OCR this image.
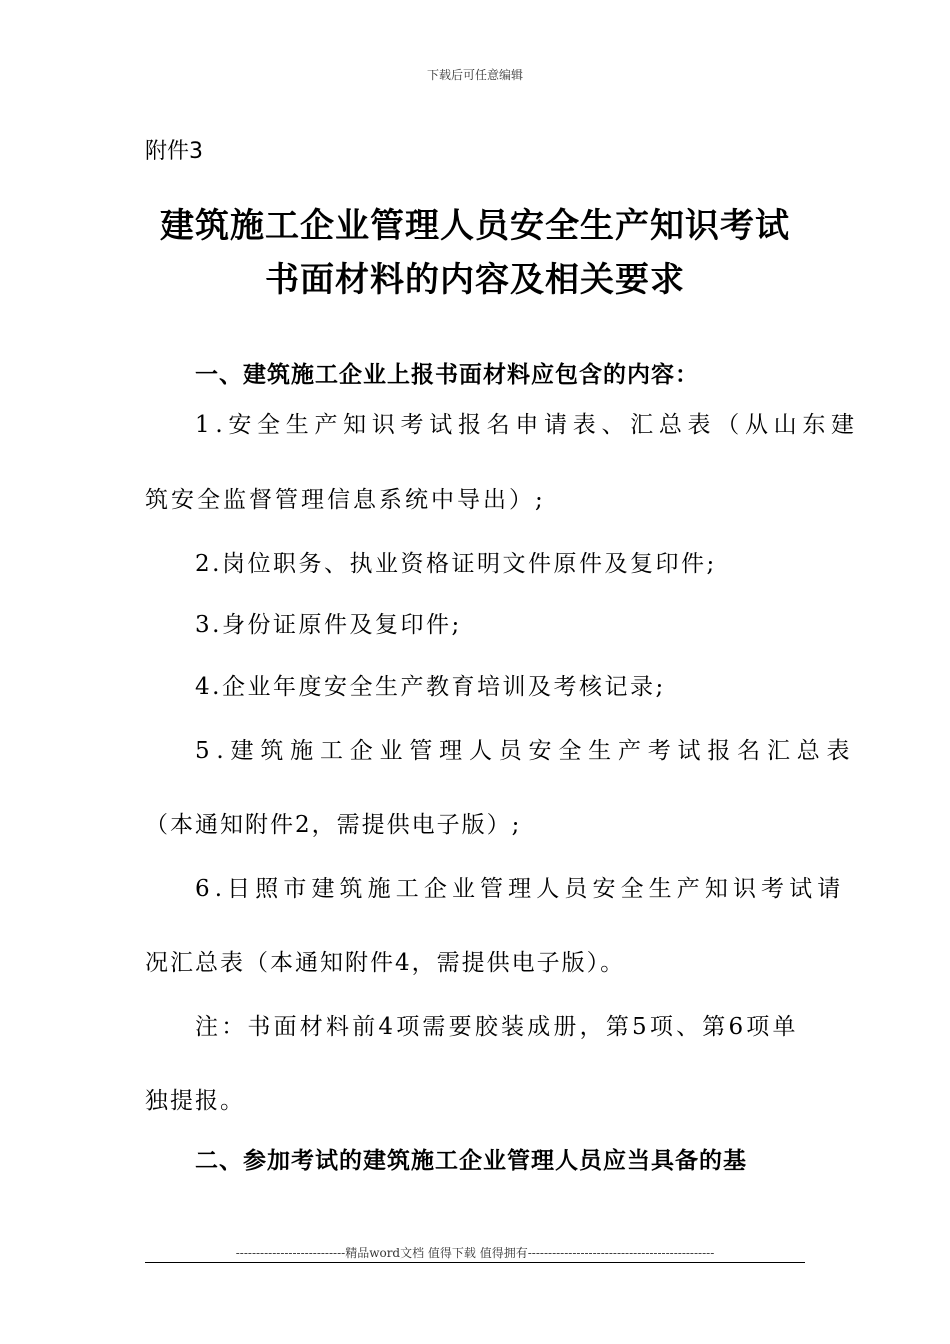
下载后可任意编辑
附件3
建筑施工企业管理人员安全生产知识考试
书面材料的内容及相关要求
一、建筑施工企业上报书面材料应包含的内容：
1.安全生产知识考试报名申请表、汇总表（从山东建
筑安全监督管理信息系统中导出）;
2.岗位职务、执业资格证明文件原件及复印件;
3.身份证原件及复印件;
4.企业年度安全生产教育培训及考核记录;
5.建筑施工企业管理人员安全生产考试报名汇总表
（本通知附件2，需提供电子版）;
6.日照市建筑施工企业管理人员安全生产知识考试请
况汇总表（本通知附件4，需提供电子版）。
注：书面材料前4项需要胶装成册，第5项、第6项单
独提报。
二、参加考试的建筑施工企业管理人员应当具备的基
---------------------------精品word文档 值得下载 值得拥有----------------------------------------------
